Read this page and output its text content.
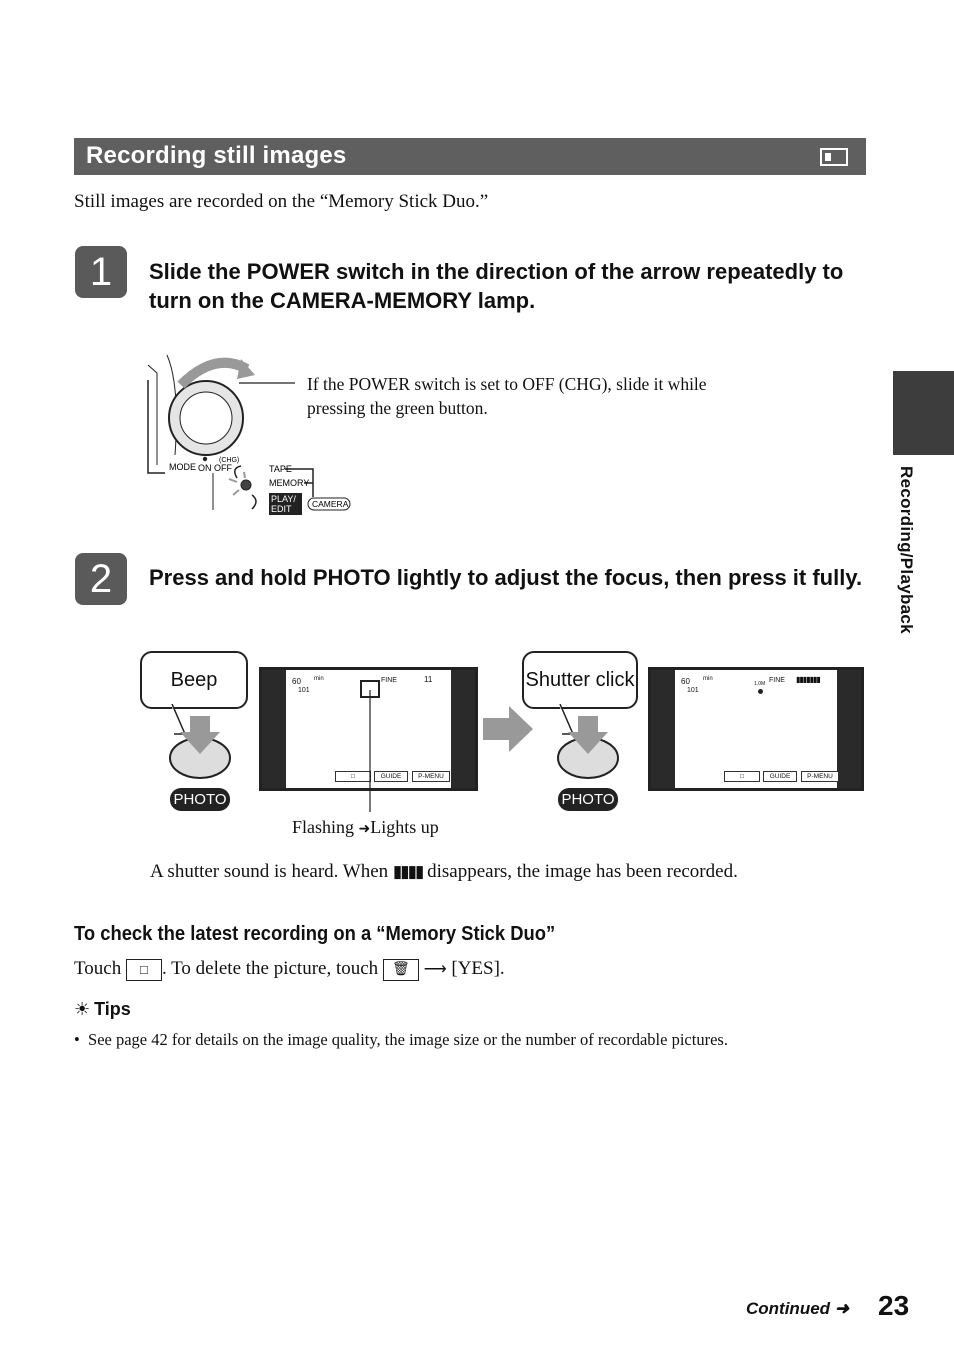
Recording still images
Still images are recorded on the “Memory Stick Duo.”
Recording/Playback
1	Slide the POWER switch in the direction of the arrow repeatedly to turn on the CAMERA-MEMORY lamp.
MODE ON OFF
(CHG)
TAPE
MEMORY
PLAY/
EDIT CAMERA
If the POWER switch is set to OFF (CHG), slide it while pressing the green button.
2	Press and hold PHOTO lightly to adjust the focus, then press it fully.
Beep
PHOTO
60 min
101
FINE	11
□	GUIDE	P-MENU
Flashing ➜Lights up
Shutter click
PHOTO
60 min
101
1.0M FINE ▮▮▮▮▮▮▮
□	GUIDE	P-MENU
A shutter sound is heard. When ▮▮▮▮ disappears, the image has been recorded.
To check the latest recording on a “Memory Stick Duo”
Touch □ . To delete the picture, touch 🗑 ⟶ [YES].
☀ Tips
•  See page 42 for details on the image quality, the image size or the number of recordable pictures.
Continued ➜ 23
